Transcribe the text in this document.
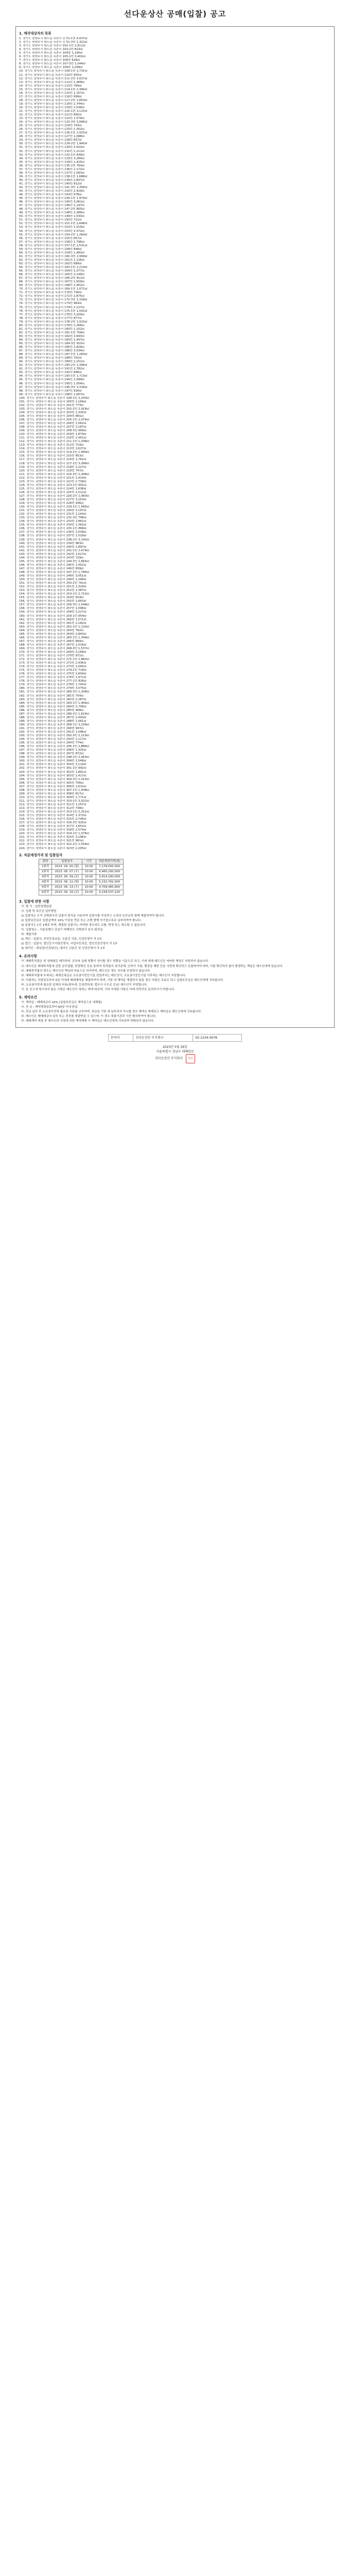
선다운상산 공매(입찰) 공고
1. 매각대상자의 목록
1. 경기도 남양주시 화도읍 녹촌리 산 51-1번 4,037㎡
2. 경기도 남양주시 화도읍 녹촌리 산 51-3번 1,322㎡
3. 경기도 남양주시 화도읍 녹촌리 102-1번 2,611㎡
4. 경기도 남양주시 화도읍 녹촌리 103-2번 823㎡
5. 경기도 남양주시 화도읍 녹촌리 104번 1,190㎡
6. 경기도 남양주시 화도읍 녹촌리 105-1번 3,402㎡
7. 경기도 남양주시 화도읍 녹촌리 106번 628㎡
8. 경기도 남양주시 화도읍 녹촌리 107-3번 1,044㎡
9. 경기도 남양주시 화도읍 녹촌리 108번 2,208㎡
10. 경기도 남양주시 화도읍 녹촌리 109-1번 1,731㎡
11. 경기도 남양주시 화도읍 녹촌리 110번 955㎡
12. 경기도 남양주시 화도읍 녹촌리 111-2번 3,027㎡
13. 경기도 남양주시 화도읍 녹촌리 112번 1,468㎡
14. 경기도 남양주시 화도읍 녹촌리 113번 784㎡
15. 경기도 남양주시 화도읍 녹촌리 114-1번 2,390㎡
16. 경기도 남양주시 화도읍 녹촌리 115번 1,157㎡
17. 경기도 남양주시 화도읍 녹촌리 116번 699㎡
18. 경기도 남양주시 화도읍 녹촌리 117-2번 1,853㎡
19. 경기도 남양주시 화도읍 녹촌리 118번 2,744㎡
20. 경기도 남양주시 화도읍 녹촌리 119번 1,036㎡
21. 경기도 남양주시 화도읍 녹촌리 120-1번 3,115㎡
22. 경기도 남양주시 화도읍 녹촌리 121번 892㎡
23. 경기도 남양주시 화도읍 녹촌리 122번 1,579㎡
24. 경기도 남양주시 화도읍 녹촌리 123-3번 2,066㎡
25. 경기도 남양주시 화도읍 녹촌리 124번 743㎡
26. 경기도 남양주시 화도읍 녹촌리 125번 1,302㎡
27. 경기도 남양주시 화도읍 녹촌리 126-1번 2,915㎡
28. 경기도 남양주시 화도읍 녹촌리 127번 1,088㎡
29. 경기도 남양주시 화도읍 녹촌리 128번 657㎡
30. 경기도 남양주시 화도읍 녹촌리 129-2번 1,940㎡
31. 경기도 남양주시 화도읍 녹촌리 130번 2,503㎡
32. 경기도 남양주시 화도읍 녹촌리 131번 1,211㎡
33. 경기도 남양주시 화도읍 녹촌리 132-1번 836㎡
34. 경기도 남양주시 화도읍 녹촌리 133번 3,284㎡
35. 경기도 남양주시 화도읍 녹촌리 134번 1,425㎡
36. 경기도 남양주시 화도읍 녹촌리 135-2번 764㎡
37. 경기도 남양주시 화도읍 녹촌리 136번 2,172㎡
38. 경기도 남양주시 화도읍 녹촌리 137번 1,093㎡
39. 경기도 남양주시 화도읍 녹촌리 138-1번 1,688㎡
40. 경기도 남양주시 화도읍 녹촌리 139번 2,837㎡
41. 경기도 남양주시 화도읍 녹촌리 140번 912㎡
42. 경기도 남양주시 화도읍 녹촌리 141-3번 1,356㎡
43. 경기도 남양주시 화도읍 녹촌리 142번 2,429㎡
44. 경기도 남양주시 화도읍 녹촌리 143번 678㎡
45. 경기도 남양주시 화도읍 녹촌리 144-1번 1,974㎡
46. 경기도 남양주시 화도읍 녹촌리 145번 3,061㎡
47. 경기도 남양주시 화도읍 녹촌리 146번 1,147㎡
48. 경기도 남양주시 화도읍 녹촌리 147-2번 805㎡
49. 경기도 남양주시 화도읍 녹촌리 148번 2,286㎡
50. 경기도 남양주시 화도읍 녹촌리 149번 1,530㎡
51. 경기도 남양주시 화도읍 녹촌리 150번 721㎡
52. 경기도 남양주시 화도읍 녹촌리 151-1번 2,648㎡
53. 경기도 남양주시 화도읍 녹촌리 152번 1,019㎡
54. 경기도 남양주시 화도읍 녹촌리 153번 3,372㎡
55. 경기도 남양주시 화도읍 녹촌리 154-2번 1,264㎡
56. 경기도 남양주시 화도읍 녹촌리 155번 857㎡
57. 경기도 남양주시 화도읍 녹촌리 156번 1,796㎡
58. 경기도 남양주시 화도읍 녹촌리 157-1번 2,531㎡
59. 경기도 남양주시 화도읍 녹촌리 158번 948㎡
60. 경기도 남양주시 화도읍 녹촌리 159번 1,483㎡
61. 경기도 남양주시 화도읍 녹촌리 160-3번 2,958㎡
62. 경기도 남양주시 화도읍 녹촌리 161번 1,126㎡
63. 경기도 남양주시 화도읍 녹촌리 162번 689㎡
64. 경기도 남양주시 화도읍 녹촌리 163-1번 2,214㎡
65. 경기도 남양주시 화도읍 녹촌리 164번 1,377㎡
66. 경기도 남양주시 화도읍 녹촌리 165번 3,146㎡
67. 경기도 남양주시 화도읍 녹촌리 166-2번 812㎡
68. 경기도 남양주시 화도읍 녹촌리 167번 1,659㎡
69. 경기도 남양주시 화도읍 녹촌리 168번 2,402㎡
70. 경기도 남양주시 화도읍 녹촌리 169-1번 1,071㎡
71. 경기도 남양주시 화도읍 녹촌리 170번 736㎡
72. 경기도 남양주시 화도읍 녹촌리 171번 2,875㎡
73. 경기도 남양주시 화도읍 녹촌리 172-3번 1,318㎡
74. 경기도 남양주시 화도읍 녹촌리 173번 964㎡
75. 경기도 남양주시 화도읍 녹촌리 174번 2,127㎡
76. 경기도 남양주시 화도읍 녹촌리 175-1번 1,542㎡
77. 경기도 남양주시 화도읍 녹촌리 176번 3,209㎡
78. 경기도 남양주시 화도읍 녹촌리 177번 877㎡
79. 경기도 남양주시 화도읍 녹촌리 178-2번 1,915㎡
80. 경기도 남양주시 화도읍 녹촌리 179번 2,366㎡
81. 경기도 남양주시 화도읍 녹촌리 180번 1,102㎡
82. 경기도 남양주시 화도읍 녹촌리 181-1번 758㎡
83. 경기도 남양주시 화도읍 녹촌리 182번 2,693㎡
84. 경기도 남양주시 화도읍 녹촌리 183번 1,447㎡
85. 경기도 남양주시 화도읍 녹촌리 184-3번 915㎡
86. 경기도 남양주시 화도읍 녹촌리 185번 1,826㎡
87. 경기도 남양주시 화도읍 녹촌리 186번 3,034㎡
88. 경기도 남양주시 화도읍 녹촌리 187-1번 1,283㎡
89. 경기도 남양주시 화도읍 녹촌리 188번 702㎡
90. 경기도 남양주시 화도읍 녹촌리 189번 2,151㎡
91. 경기도 남양주시 화도읍 녹촌리 190-2번 1,396㎡
92. 경기도 남양주시 화도읍 녹촌리 191번 2,782㎡
93. 경기도 남양주시 화도읍 녹촌리 192번 846㎡
94. 경기도 남양주시 화도읍 녹촌리 193-1번 1,713㎡
95. 경기도 남양주시 화도읍 녹촌리 194번 2,589㎡
96. 경기도 남양주시 화도읍 녹촌리 195번 1,054㎡
97. 경기도 남양주시 화도읍 녹촌리 196-3번 3,318㎡
98. 경기도 남양주시 화도읍 녹촌리 197번 926㎡
99. 경기도 남양주시 화도읍 녹촌리 198번 1,607㎡
100. 경기도 남양주시 화도읍 녹촌리 199-1번 2,243㎡
101. 경기도 남양주시 화도읍 녹촌리 200번 1,169㎡
102. 경기도 남양주시 화도읍 녹촌리 201번 773㎡
103. 경기도 남양주시 화도읍 녹촌리 202-2번 2,916㎡
104. 경기도 남양주시 화도읍 녹촌리 203번 1,335㎡
105. 경기도 남양주시 화도읍 녹촌리 204번 881㎡
106. 경기도 남양주시 화도읍 녹촌리 205-1번 2,074㎡
107. 경기도 남양주시 화도읍 녹촌리 206번 1,562㎡
108. 경기도 남양주시 화도읍 녹촌리 207번 3,187㎡
109. 경기도 남양주시 화도읍 녹촌리 208-3번 969㎡
110. 경기도 남양주시 화도읍 녹촌리 209번 1,874㎡
111. 경기도 남양주시 화도읍 녹촌리 210번 2,451㎡
112. 경기도 남양주시 화도읍 녹촌리 211-1번 1,038㎡
113. 경기도 남양주시 화도읍 녹촌리 212번 714㎡
114. 경기도 남양주시 화도읍 녹촌리 213번 2,627㎡
115. 경기도 남양주시 화도읍 녹촌리 214-2번 1,489㎡
116. 경기도 남양주시 화도읍 녹촌리 215번 853㎡
117. 경기도 남양주시 화도읍 녹촌리 216번 1,762㎡
118. 경기도 남양주시 화도읍 녹촌리 217-1번 3,096㎡
119. 경기도 남양주시 화도읍 녹촌리 218번 1,227㎡
120. 경기도 남양주시 화도읍 녹촌리 219번 747㎡
121. 경기도 남양주시 화도읍 녹촌리 220-3번 2,308㎡
122. 경기도 남양주시 화도읍 녹촌리 221번 1,414㎡
123. 경기도 남양주시 화도읍 녹촌리 222번 2,739㎡
124. 경기도 남양주시 화도읍 녹촌리 223-1번 902㎡
125. 경기도 남양주시 화도읍 녹촌리 224번 1,638㎡
126. 경기도 남양주시 화도읍 녹촌리 225번 2,512㎡
127. 경기도 남양주시 화도읍 녹촌리 226-2번 1,083㎡
128. 경기도 남양주시 화도읍 녹촌리 227번 3,253㎡
129. 경기도 남양주시 화도읍 녹촌리 228번 936㎡
130. 경기도 남양주시 화도읍 녹촌리 229-1번 1,585㎡
131. 경기도 남양주시 화도읍 녹촌리 230번 2,197㎡
132. 경기도 남양주시 화도읍 녹촌리 231번 1,144㎡
133. 경기도 남양주시 화도읍 녹촌리 232-3번 796㎡
134. 경기도 남양주시 화도읍 녹촌리 233번 2,861㎡
135. 경기도 남양주시 화도읍 녹촌리 234번 1,362㎡
136. 경기도 남양주시 화도읍 녹촌리 235-1번 868㎡
137. 경기도 남양주시 화도읍 녹촌리 236번 2,039㎡
138. 경기도 남양주시 화도읍 녹촌리 237번 1,519㎡
139. 경기도 남양주시 화도읍 녹촌리 238-2번 3,142㎡
140. 경기도 남양주시 화도읍 녹촌리 239번 983㎡
141. 경기도 남양주시 화도읍 녹촌리 240번 1,897㎡
142. 경기도 남양주시 화도읍 녹촌리 241-1번 2,474㎡
143. 경기도 남양주시 화도읍 녹촌리 242번 1,027㎡
144. 경기도 남양주시 화도읍 녹촌리 243번 729㎡
145. 경기도 남양주시 화도읍 녹촌리 244-3번 2,665㎡
146. 경기도 남양주시 화도읍 녹촌리 245번 1,452㎡
147. 경기도 남양주시 화도읍 녹촌리 246번 839㎡
148. 경기도 남양주시 화도읍 녹촌리 247-1번 1,784㎡
149. 경기도 남양주시 화도읍 녹촌리 248번 3,051㎡
150. 경기도 남양주시 화도읍 녹촌리 249번 1,246㎡
151. 경기도 남양주시 화도읍 녹촌리 250-2번 761㎡
152. 경기도 남양주시 화도읍 녹촌리 251번 2,329㎡
153. 경기도 남양주시 화도읍 녹촌리 252번 1,387㎡
154. 경기도 남양주시 화도읍 녹촌리 253-1번 2,715㎡
155. 경기도 남양주시 화도읍 녹촌리 254번 919㎡
156. 경기도 남양주시 화도읍 녹촌리 255번 1,663㎡
157. 경기도 남양주시 화도읍 녹촌리 256-3번 2,548㎡
158. 경기도 남양주시 화도읍 녹촌리 257번 1,098㎡
159. 경기도 남양주시 화도읍 녹촌리 258번 3,227㎡
160. 경기도 남양주시 화도읍 녹촌리 259-1번 954㎡
161. 경기도 남양주시 화도읍 녹촌리 260번 1,571㎡
162. 경기도 남양주시 화도읍 녹촌리 261번 2,182㎡
163. 경기도 남양주시 화도읍 녹촌리 262-2번 1,133㎡
164. 경기도 남양주시 화도읍 녹촌리 263번 782㎡
165. 경기도 남양주시 화도읍 녹촌리 264번 2,843㎡
166. 경기도 남양주시 화도읍 녹촌리 265-1번 1,349㎡
167. 경기도 남양주시 화도읍 녹촌리 266번 894㎡
168. 경기도 남양주시 화도읍 녹촌리 267번 2,016㎡
169. 경기도 남양주시 화도읍 녹촌리 268-3번 1,537㎡
170. 경기도 남양주시 화도읍 녹촌리 269번 3,168㎡
171. 경기도 남양주시 화도읍 녹촌리 270번 971㎡
172. 경기도 남양주시 화도읍 녹촌리 271-1번 1,882㎡
173. 경기도 남양주시 화도읍 녹촌리 272번 2,436㎡
174. 경기도 남양주시 화도읍 녹촌리 273번 1,045㎡
175. 경기도 남양주시 화도읍 녹촌리 274-2번 718㎡
176. 경기도 남양주시 화도읍 녹촌리 275번 2,604㎡
177. 경기도 남양주시 화도읍 녹촌리 276번 1,471㎡
178. 경기도 남양주시 화도읍 녹촌리 277-1번 826㎡
179. 경기도 남양주시 화도읍 녹촌리 278번 1,743㎡
180. 경기도 남양주시 화도읍 녹촌리 279번 3,075㎡
181. 경기도 남양주시 화도읍 녹촌리 280-3번 1,208㎡
182. 경기도 남양주시 화도읍 녹촌리 281번 754㎡
183. 경기도 남양주시 화도읍 녹촌리 282번 2,287㎡
184. 경기도 남양주시 화도읍 녹촌리 283-1번 1,406㎡
185. 경기도 남양주시 화도읍 녹촌리 284번 2,758㎡
186. 경기도 남양주시 화도읍 녹촌리 285번 908㎡
187. 경기도 남양주시 화도읍 녹촌리 286-2번 1,624㎡
188. 경기도 남양주시 화도읍 녹촌리 287번 2,493㎡
189. 경기도 남양주시 화도읍 녹촌리 288번 1,061㎡
190. 경기도 남양주시 화도읍 녹촌리 289-1번 3,239㎡
191. 경기도 남양주시 화도읍 녹촌리 290번 947㎡
192. 경기도 남양주시 화도읍 녹촌리 291번 1,596㎡
193. 경기도 남양주시 화도읍 녹촌리 292-3번 2,219㎡
194. 경기도 남양주시 화도읍 녹촌리 293번 1,117㎡
195. 경기도 남양주시 화도읍 녹촌리 294번 774㎡
196. 경기도 남양주시 화도읍 녹촌리 295-1번 2,886㎡
197. 경기도 남양주시 화도읍 녹촌리 296번 1,325㎡
198. 경기도 남양주시 화도읍 녹촌리 297번 872㎡
199. 경기도 남양주시 화도읍 녹촌리 298-2번 2,063㎡
200. 경기도 남양주시 화도읍 녹촌리 299번 1,548㎡
201. 경기도 남양주시 화도읍 녹촌리 300번 3,114㎡
202. 경기도 남양주시 화도읍 녹촌리 301-1번 992㎡
203. 경기도 남양주시 화도읍 녹촌리 302번 1,861㎡
204. 경기도 남양주시 화도읍 녹촌리 303번 2,417㎡
205. 경기도 남양주시 화도읍 녹촌리 304-3번 1,014㎡
206. 경기도 남양주시 화도읍 녹촌리 305번 706㎡
207. 경기도 남양주시 화도읍 녹촌리 306번 2,632㎡
208. 경기도 남양주시 화도읍 녹촌리 307-1번 1,438㎡
209. 경기도 남양주시 화도읍 녹촌리 308번 817㎡
210. 경기도 남양주시 화도읍 녹촌리 309번 1,771㎡
211. 경기도 남양주시 화도읍 녹촌리 310-2번 3,022㎡
212. 경기도 남양주시 화도읍 녹촌리 311번 1,257㎡
213. 경기도 남양주시 화도읍 녹촌리 312번 738㎡
214. 경기도 남양주시 화도읍 녹촌리 313-1번 2,351㎡
215. 경기도 남양주시 화도읍 녹촌리 314번 1,372㎡
216. 경기도 남양주시 화도읍 녹촌리 315번 2,706㎡
217. 경기도 남양주시 화도읍 녹촌리 316-3번 925㎡
218. 경기도 남양주시 화도읍 녹촌리 317번 1,652㎡
219. 경기도 남양주시 화도읍 녹촌리 318번 2,574㎡
220. 경기도 남양주시 화도읍 녹촌리 319-1번 1,076㎡
221. 경기도 남양주시 화도읍 녹촌리 320번 3,196㎡
222. 경기도 남양주시 화도읍 녹촌리 321번 961㎡
223. 경기도 남양주시 화도읍 녹촌리 322-2번 1,554㎡
224. 경기도 남양주시 화도읍 녹촌리 323번 2,205㎡
2. 처분예정가격 및 입찰일자
회차	입찰일자	시간	처분예정가격(원)
1회차	2023. 06. 05.(월)	10:00	7,178,000,000
2회차	2023. 06. 07.(수)	10:00	6,460,200,000
3회차	2023. 06. 09.(금)	10:00	5,814,180,000
4회차	2023. 06. 12.(월)	10:00	5,232,762,000
5회차	2023. 06. 14.(수)	10:00	4,709,485,800
6회차	2023. 06. 16.(금)	10:00	4,238,537,220
3. 입찰에 관한 사항
가. 방 식 : 일반경쟁입찰
나. 입찰 및 보증금 납부방법
1) 입찰자는 우리 신탁회사의 입찰서 양식을 사용하여 입찰서를 작성하고 소정의 보증금과 함께 제출하여야 합니다.
2) 입찰보증금은 입찰금액의 10% 이상을 현금 또는 은행 발행 자기앞수표로 납부하여야 합니다.
3) 입찰서는 1인 1매로 하며, 제출한 입찰서는 어떠한 경우라도 교환, 변경 또는 취소할 수 없습니다.
다. 입찰장소 : 서울특별시 강남구 테헤란로 신탁회사 본사 회의실
라. 제출서류
1) 개인 : 입찰서, 주민등록초본, 신분증 사본, 인감증명서 각 1부
2) 법인 : 입찰서, 법인등기사항증명서, 사업자등록증, 법인인감증명서 각 1부
3) 대리인 : 위임장(인감날인), 대리인 신분증 및 인감증명서 각 1부
4. 유의사항
가. 매매목적물은 현 상태대로 매각하며, 공부와 실제 현황이 상이할 경우 현황을 기준으로 하고, 이에 대해 매도인은 어떠한 책임도 부담하지 않습니다.
나. 매수인은 매매목적물에 관한 공부열람, 현장확인 등을 통하여 목적물의 권리관계, 인허가 사항, 행정상 제한 등을 사전에 확인하고 응찰하여야 하며, 이를 확인하지 않아 발생하는 책임은 매수인에게 있습니다.
다. 매매목적물의 명도는 매수인의 책임과 비용으로 처리하며, 매도인은 명도 의무를 부담하지 않습니다.
라. 매매목적물에 부과되는 제세공과금은 소유권이전등기일 전일까지는 매도인이, 소유권이전등기일 이후에는 매수인이 부담합니다.
마. 낙찰자는 낙찰일로부터 5일 이내에 매매계약을 체결하여야 하며, 기한 내 계약을 체결하지 않을 경우 낙찰은 무효로 하고 입찰보증금은 매도인에게 귀속됩니다.
바. 소유권이전에 필요한 일체의 비용(취득세, 등록면허세, 법무사 수수료 등)은 매수인이 부담합니다.
사. 본 공고에 명시되지 않은 사항은 매도인이 정하는 바에 따르며, 기타 자세한 사항은 아래 연락처로 문의하시기 바랍니다.
5. 계약조건
가. 계약금 : 매매대금의 10% (입찰보증금은 계약금으로 대체됨)
나. 잔 금 : 계약체결일로부터 60일 이내 완납
다. 잔금 납부 후 소유권이전에 필요한 서류를 교부하며, 잔금을 기한 내 납부하지 아니할 경우 계약은 해제되고 계약금은 매도인에게 귀속됩니다.
라. 매수인은 매매대금의 일부 또는 전부를 대출받을 수 있으며, 이 경우 대출기관과 사전 협의하여야 합니다.
마. 매매계약 체결 후 매수인의 사정에 의한 계약해제 시 계약금은 매도인에게 귀속되며 반환되지 않습니다.
문의처	선다운상산 주식회사	02-1234-5678
2023년 5월 26일
서울특별시 강남구 테헤란로
선다운상산 주식회사 직인
